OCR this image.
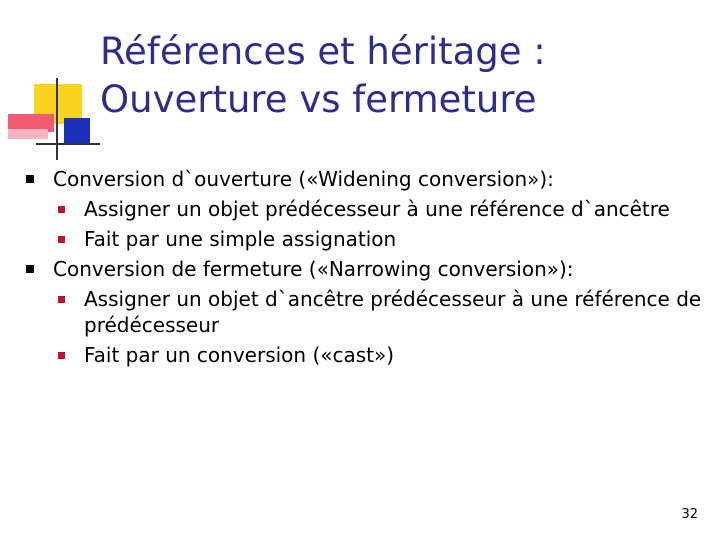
Références et héritage :
Ouverture vs fermeture
Conversion d`ouverture («Widening conversion»):
Assigner un objet prédécesseur à une référence d`ancêtre
Fait par une simple assignation
Conversion de fermeture («Narrowing conversion»):
Assigner un objet d`ancêtre prédécesseur à une référence de prédécesseur
Fait par un conversion («cast»)
32
